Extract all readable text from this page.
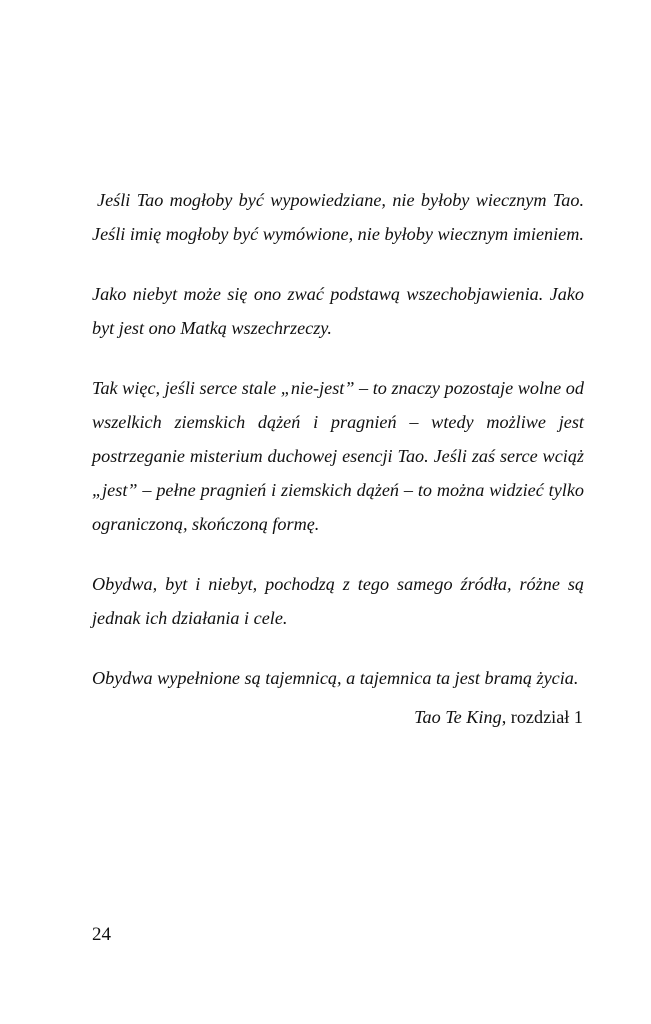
Jeśli Tao mogłoby być wypowiedziane, nie byłoby wiecznym Tao. Jeśli imię mogłoby być wymówione, nie byłoby wiecznym imieniem.

Jako niebyt może się ono zwać podstawą wszechobjawienia. Jako byt jest ono Matką wszechrzeczy.

Tak więc, jeśli serce stale „nie-jest” – to znaczy pozostaje wolne od wszelkich ziemskich dążeń i pragnień – wtedy możliwe jest postrzeganie misterium duchowej esencji Tao. Jeśli zaś serce wciąż „jest” – pełne pragnień i ziemskich dążeń – to można widzieć tylko ograniczoną, skończoną formę.

Obydwa, byt i niebyt, pochodzą z tego samego źródła, różne są jednak ich działania i cele.

Obydwa wypełnione są tajemnicą, a tajemnica ta jest bramą życia.

Tao Te King, rozdział 1
24
